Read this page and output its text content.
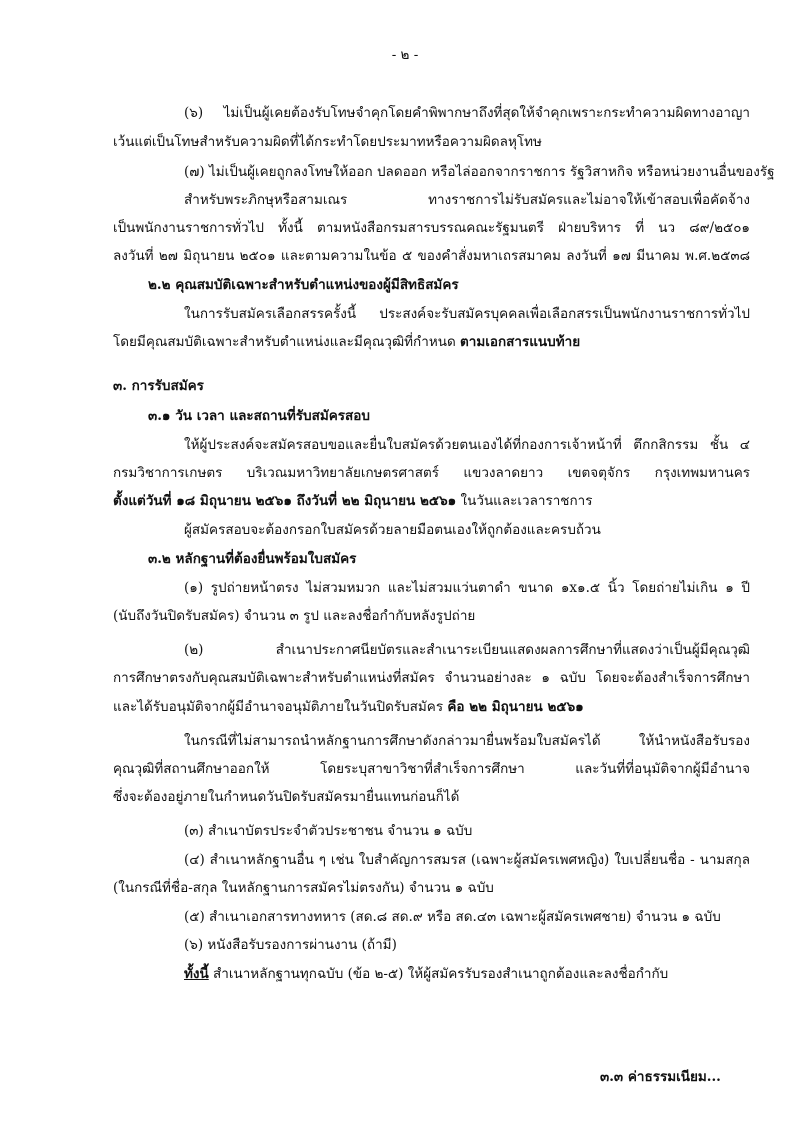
- ๒ -
(๖) ไม่เป็นผู้เคยต้องรับโทษจำคุกโดยคำพิพากษาถึงที่สุดให้จำคุกเพราะกระทำความผิดทางอาญา
เว้นแต่เป็นโทษสำหรับความผิดที่ได้กระทำโดยประมาทหรือความผิดลหุโทษ
(๗) ไม่เป็นผู้เคยถูกลงโทษให้ออก ปลดออก หรือไล่ออกจากราชการ รัฐวิสาหกิจ หรือหน่วยงานอื่นของรัฐ
สำหรับพระภิกษุหรือสามเณร ทางราชการไม่รับสมัครและไม่อาจให้เข้าสอบเพื่อคัดจ้าง
เป็นพนักงานราชการทั่วไป ทั้งนี้ ตามหนังสือกรมสารบรรณคณะรัฐมนตรี ฝ่ายบริหาร ที่ นว ๘๙/๒๕๐๑
ลงวันที่ ๒๗ มิถุนายน ๒๕๐๑ และตามความในข้อ ๕ ของคำสั่งมหาเถรสมาคม ลงวันที่ ๑๗ มีนาคม พ.ศ.๒๕๓๘
๒.๒ คุณสมบัติเฉพาะสำหรับตำแหน่งของผู้มีสิทธิสมัคร
ในการรับสมัครเลือกสรรครั้งนี้ ประสงค์จะรับสมัครบุคคลเพื่อเลือกสรรเป็นพนักงานราชการทั่วไป
โดยมีคุณสมบัติเฉพาะสำหรับตำแหน่งและมีคุณวุฒิที่กำหนด ตามเอกสารแนบท้าย
๓. การรับสมัคร
๓.๑ วัน เวลา และสถานที่รับสมัครสอบ
ให้ผู้ประสงค์จะสมัครสอบขอและยื่นใบสมัครด้วยตนเองได้ที่กองการเจ้าหน้าที่ ตึกกสิกรรม ชั้น ๔
กรมวิชาการเกษตร บริเวณมหาวิทยาลัยเกษตรศาสตร์ แขวงลาดยาว เขตจตุจักร กรุงเทพมหานคร
ตั้งแต่วันที่ ๑๘ มิถุนายน ๒๕๖๑ ถึงวันที่ ๒๒ มิถุนายน ๒๕๖๑ ในวันและเวลาราชการ
ผู้สมัครสอบจะต้องกรอกใบสมัครด้วยลายมือตนเองให้ถูกต้องและครบถ้วน
๓.๒ หลักฐานที่ต้องยื่นพร้อมใบสมัคร
(๑) รูปถ่ายหน้าตรง ไม่สวมหมวก และไม่สวมแว่นตาดำ ขนาด ๑x๑.๕ นิ้ว โดยถ่ายไม่เกิน ๑ ปี
(นับถึงวันปิดรับสมัคร) จำนวน ๓ รูป และลงชื่อกำกับหลังรูปถ่าย
(๒) สำเนาประกาศนียบัตรและสำเนาระเบียนแสดงผลการศึกษาที่แสดงว่าเป็นผู้มีคุณวุฒิ
การศึกษาตรงกับคุณสมบัติเฉพาะสำหรับตำแหน่งที่สมัคร จำนวนอย่างละ ๑ ฉบับ โดยจะต้องสำเร็จการศึกษา
และได้รับอนุมัติจากผู้มีอำนาจอนุมัติภายในวันปิดรับสมัคร คือ ๒๒ มิถุนายน ๒๕๖๑
ในกรณีที่ไม่สามารถนำหลักฐานการศึกษาดังกล่าวมายื่นพร้อมใบสมัครได้ ให้นำหนังสือรับรอง
คุณวุฒิที่สถานศึกษาออกให้ โดยระบุสาขาวิชาที่สำเร็จการศึกษา และวันที่ที่อนุมัติจากผู้มีอำนาจ
ซึ่งจะต้องอยู่ภายในกำหนดวันปิดรับสมัครมายื่นแทนก่อนก็ได้
(๓) สำเนาบัตรประจำตัวประชาชน จำนวน ๑ ฉบับ
(๔) สำเนาหลักฐานอื่น ๆ เช่น ใบสำคัญการสมรส (เฉพาะผู้สมัครเพศหญิง) ใบเปลี่ยนชื่อ - นามสกุล
(ในกรณีที่ชื่อ-สกุล ในหลักฐานการสมัครไม่ตรงกัน) จำนวน ๑ ฉบับ
(๕) สำเนาเอกสารทางทหาร (สด.๘ สด.๙ หรือ สด.๔๓ เฉพาะผู้สมัครเพศชาย) จำนวน ๑ ฉบับ
(๖) หนังสือรับรองการผ่านงาน (ถ้ามี)
ทั้งนี้ สำเนาหลักฐานทุกฉบับ (ข้อ ๒-๕) ให้ผู้สมัครรับรองสำเนาถูกต้องและลงชื่อกำกับ
๓.๓ ค่าธรรมเนียม...
